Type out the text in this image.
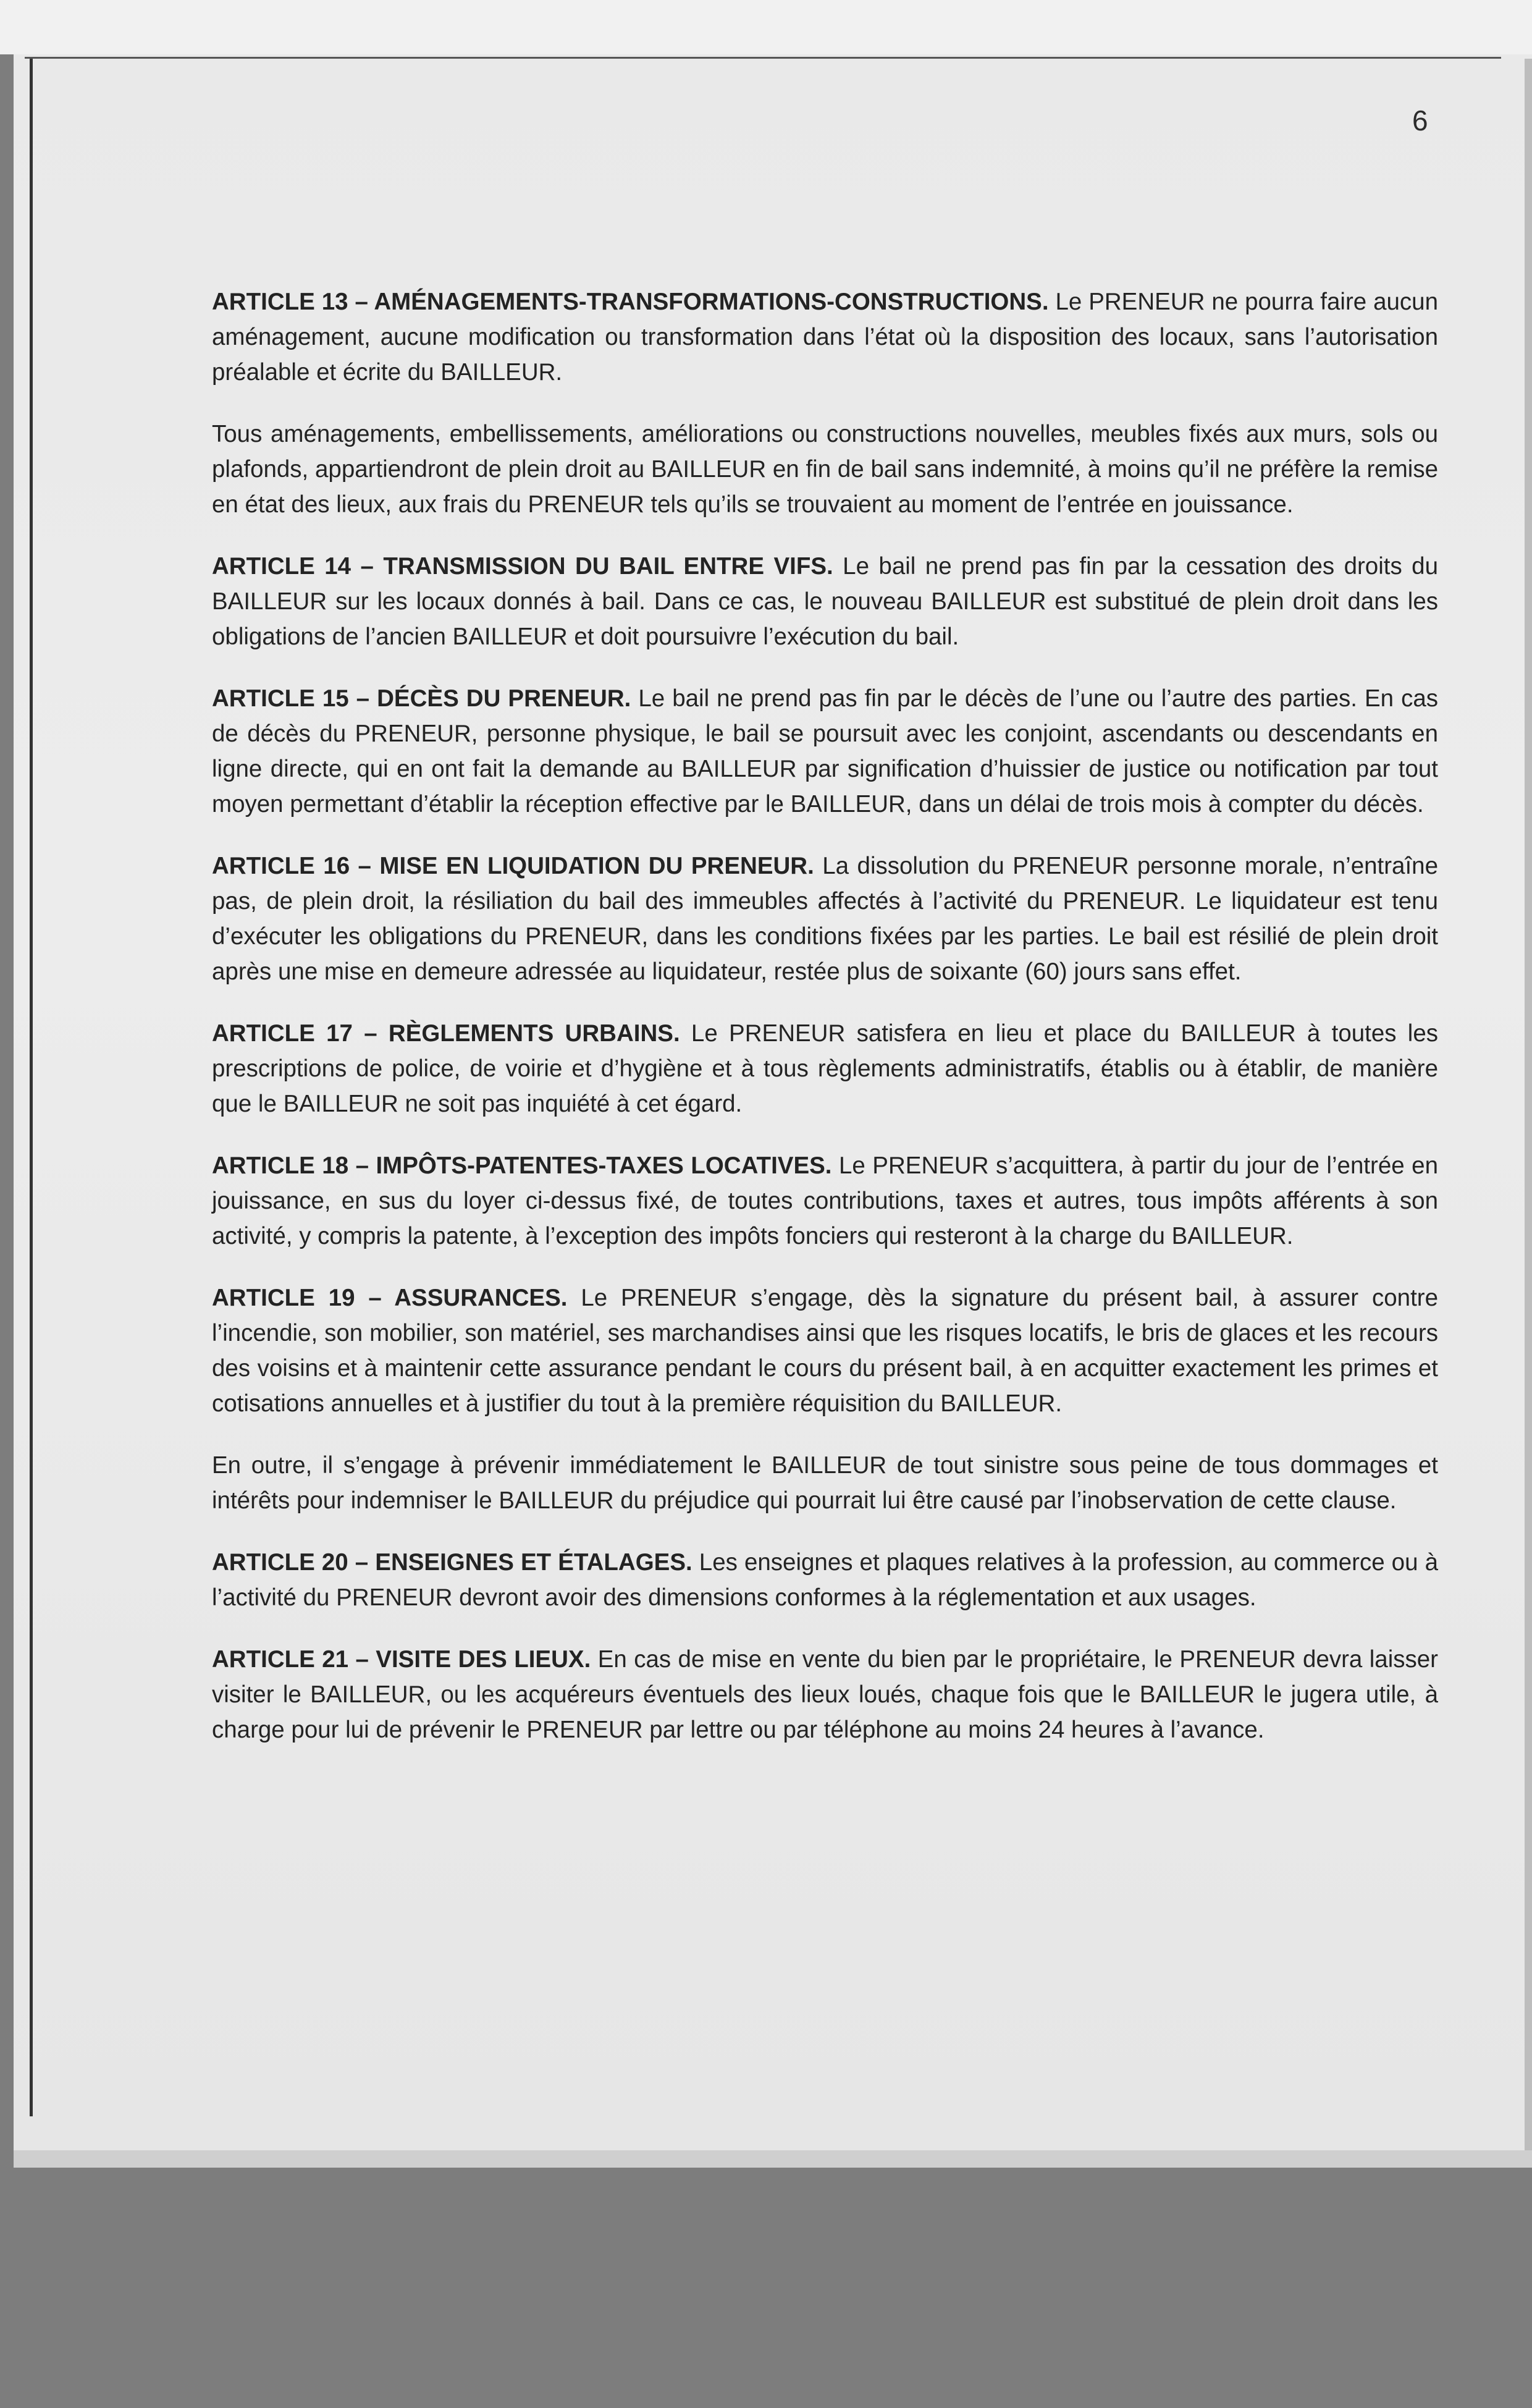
6

ARTICLE 13 – AMÉNAGEMENTS-TRANSFORMATIONS-CONSTRUCTIONS. Le PRENEUR ne pourra faire aucun aménagement, aucune modification ou transformation dans l’état où la disposition des locaux, sans l’autorisation préalable et écrite du BAILLEUR.

Tous aménagements, embellissements, améliorations ou constructions nouvelles, meubles fixés aux murs, sols ou plafonds, appartiendront de plein droit au BAILLEUR en fin de bail sans indemnité, à moins qu’il ne préfère la remise en état des lieux, aux frais du PRENEUR tels qu’ils se trouvaient au moment de l’entrée en jouissance.

ARTICLE 14 – TRANSMISSION DU BAIL ENTRE VIFS. Le bail ne prend pas fin par la cessation des droits du BAILLEUR sur les locaux donnés à bail. Dans ce cas, le nouveau BAILLEUR est substitué de plein droit dans les obligations de l’ancien BAILLEUR et doit poursuivre l’exécution du bail.

ARTICLE 15 – DÉCÈS DU PRENEUR. Le bail ne prend pas fin par le décès de l’une ou l’autre des parties. En cas de décès du PRENEUR, personne physique, le bail se poursuit avec les conjoint, ascendants ou descendants en ligne directe, qui en ont fait la demande au BAILLEUR par signification d’huissier de justice ou notification par tout moyen permettant d’établir la réception effective par le BAILLEUR, dans un délai de trois mois à compter du décès.

ARTICLE 16 – MISE EN LIQUIDATION DU PRENEUR. La dissolution du PRENEUR personne morale, n’entraîne pas, de plein droit, la résiliation du bail des immeubles affectés à l’activité du PRENEUR. Le liquidateur est tenu d’exécuter les obligations du PRENEUR, dans les conditions fixées par les parties. Le bail est résilié de plein droit après une mise en demeure adressée au liquidateur, restée plus de soixante (60) jours sans effet.

ARTICLE 17 – RÈGLEMENTS URBAINS. Le PRENEUR satisfera en lieu et place du BAILLEUR à toutes les prescriptions de police, de voirie et d’hygiène et à tous règlements administratifs, établis ou à établir, de manière que le BAILLEUR ne soit pas inquiété à cet égard.

ARTICLE 18 – IMPÔTS-PATENTES-TAXES LOCATIVES. Le PRENEUR s’acquittera, à partir du jour de l’entrée en jouissance, en sus du loyer ci-dessus fixé, de toutes contributions, taxes et autres, tous impôts afférents à son activité, y compris la patente, à l’exception des impôts fonciers qui resteront à la charge du BAILLEUR.

ARTICLE 19 – ASSURANCES. Le PRENEUR s’engage, dès la signature du présent bail, à assurer contre l’incendie, son mobilier, son matériel, ses marchandises ainsi que les risques locatifs, le bris de glaces et les recours des voisins et à maintenir cette assurance pendant le cours du présent bail, à en acquitter exactement les primes et cotisations annuelles et à justifier du tout à la première réquisition du BAILLEUR.

En outre, il s’engage à prévenir immédiatement le BAILLEUR de tout sinistre sous peine de tous dommages et intérêts pour indemniser le BAILLEUR du préjudice qui pourrait lui être causé par l’inobservation de cette clause.

ARTICLE 20 – ENSEIGNES ET ÉTALAGES. Les enseignes et plaques relatives à la profession, au commerce ou à l’activité du PRENEUR devront avoir des dimensions conformes à la réglementation et aux usages.

ARTICLE 21 – VISITE DES LIEUX. En cas de mise en vente du bien par le propriétaire, le PRENEUR devra laisser visiter le BAILLEUR, ou les acquéreurs éventuels des lieux loués, chaque fois que le BAILLEUR le jugera utile, à charge pour lui de prévenir le PRENEUR par lettre ou par téléphone au moins 24 heures à l’avance.
